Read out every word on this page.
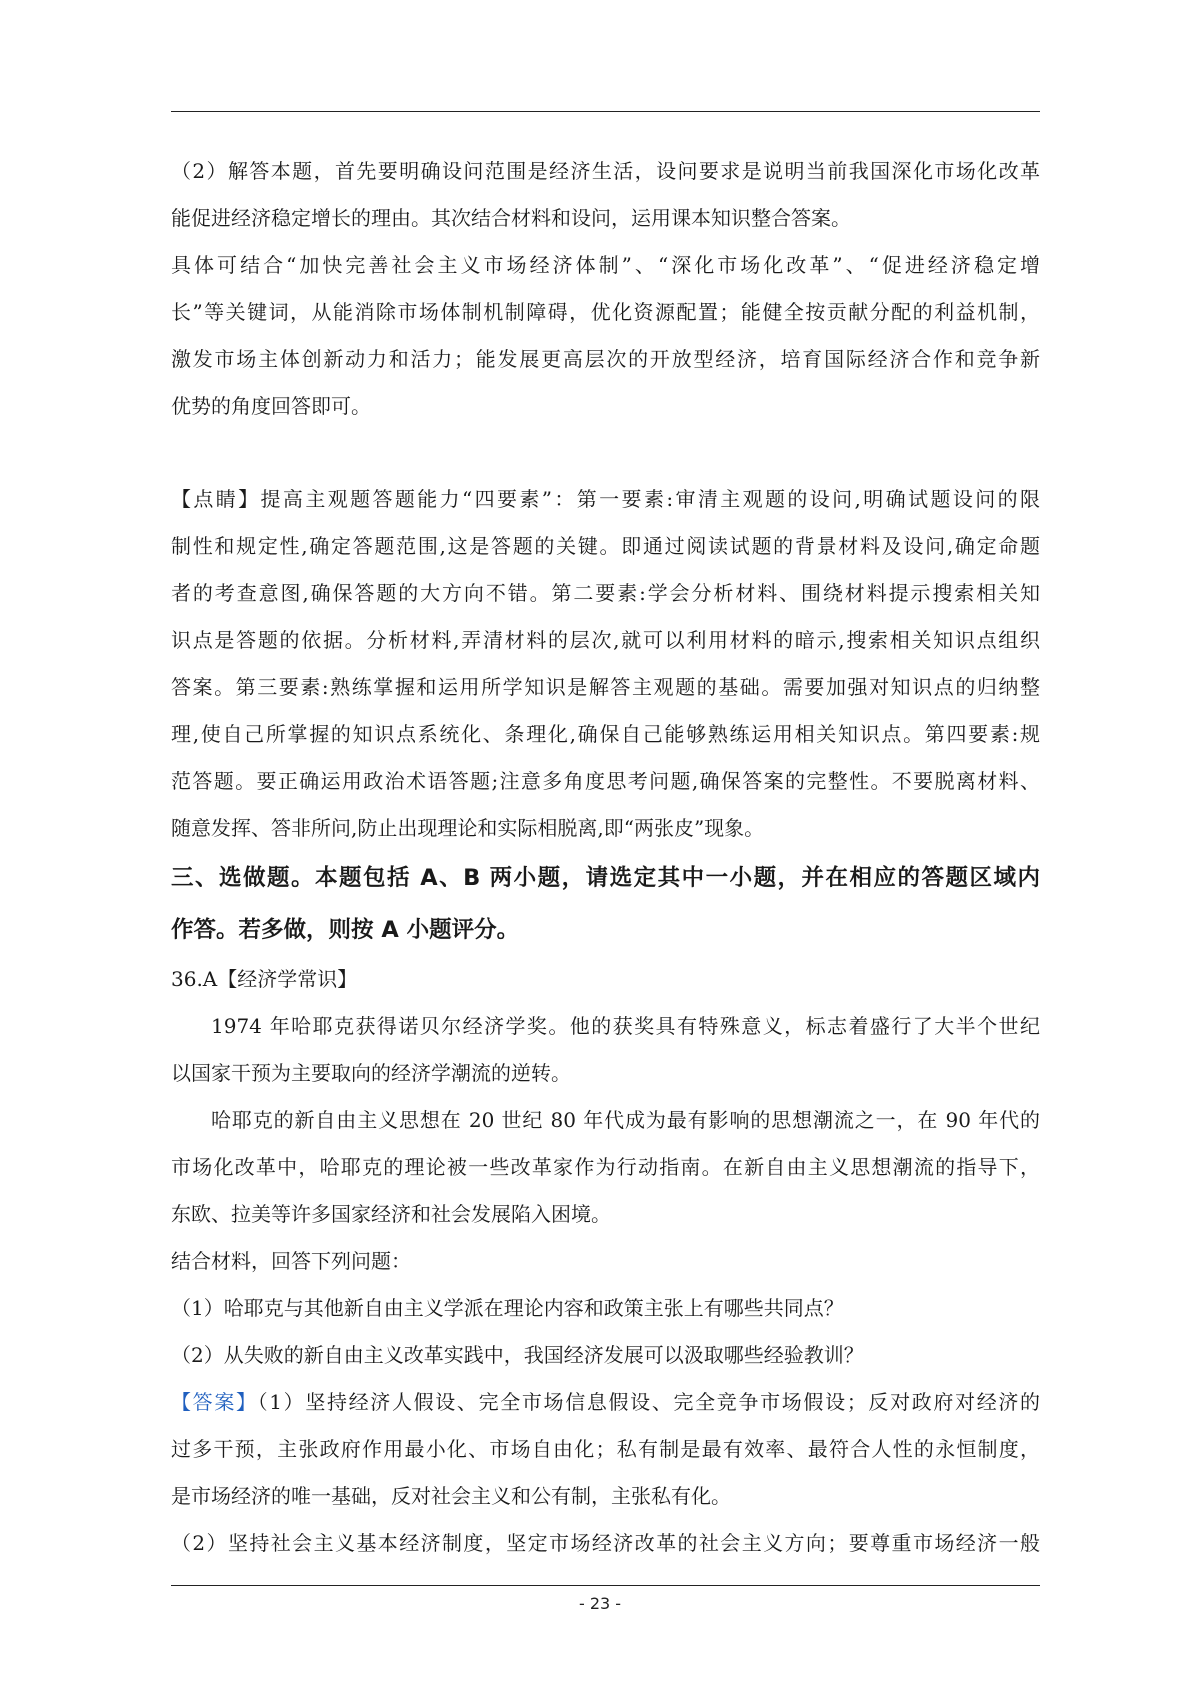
（2）解答本题，首先要明确设问范围是经济生活，设问要求是说明当前我国深化市场化改革
能促进经济稳定增长的理由。其次结合材料和设问，运用课本知识整合答案。
具体可结合“加快完善社会主义市场经济体制”、“深化市场化改革”、“促进经济稳定增
长”等关键词，从能消除市场体制机制障碍，优化资源配置；能健全按贡献分配的利益机制，
激发市场主体创新动力和活力；能发展更高层次的开放型经济，培育国际经济合作和竞争新
优势的角度回答即可。
【点睛】提高主观题答题能力“四要素”：第一要素:审清主观题的设问,明确试题设问的限
制性和规定性,确定答题范围,这是答题的关键。即通过阅读试题的背景材料及设问,确定命题
者的考查意图,确保答题的大方向不错。第二要素:学会分析材料、围绕材料提示搜索相关知
识点是答题的依据。分析材料,弄清材料的层次,就可以利用材料的暗示,搜索相关知识点组织
答案。第三要素:熟练掌握和运用所学知识是解答主观题的基础。需要加强对知识点的归纳整
理,使自己所掌握的知识点系统化、条理化,确保自己能够熟练运用相关知识点。第四要素:规
范答题。要正确运用政治术语答题;注意多角度思考问题,确保答案的完整性。不要脱离材料、
随意发挥、答非所问,防止出现理论和实际相脱离,即“两张皮”现象。
三、选做题。本题包括 A、B 两小题，请选定其中一小题，并在相应的答题区域内
作答。若多做，则按 A 小题评分。
36.A【经济学常识】
1974 年哈耶克获得诺贝尔经济学奖。他的获奖具有特殊意义，标志着盛行了大半个世纪
以国家干预为主要取向的经济学潮流的逆转。
哈耶克的新自由主义思想在 20 世纪 80 年代成为最有影响的思想潮流之一，在 90 年代的
市场化改革中，哈耶克的理论被一些改革家作为行动指南。在新自由主义思想潮流的指导下，
东欧、拉美等许多国家经济和社会发展陷入困境。
结合材料，回答下列问题：
（1）哈耶克与其他新自由主义学派在理论内容和政策主张上有哪些共同点？
（2）从失败的新自由主义改革实践中，我国经济发展可以汲取哪些经验教训？
【答案】（1）坚持经济人假设、完全市场信息假设、完全竞争市场假设；反对政府对经济的
过多干预，主张政府作用最小化、市场自由化；私有制是最有效率、最符合人性的永恒制度，
是市场经济的唯一基础，反对社会主义和公有制，主张私有化。
（2）坚持社会主义基本经济制度，坚定市场经济改革的社会主义方向；要尊重市场经济一般
- 23 -
